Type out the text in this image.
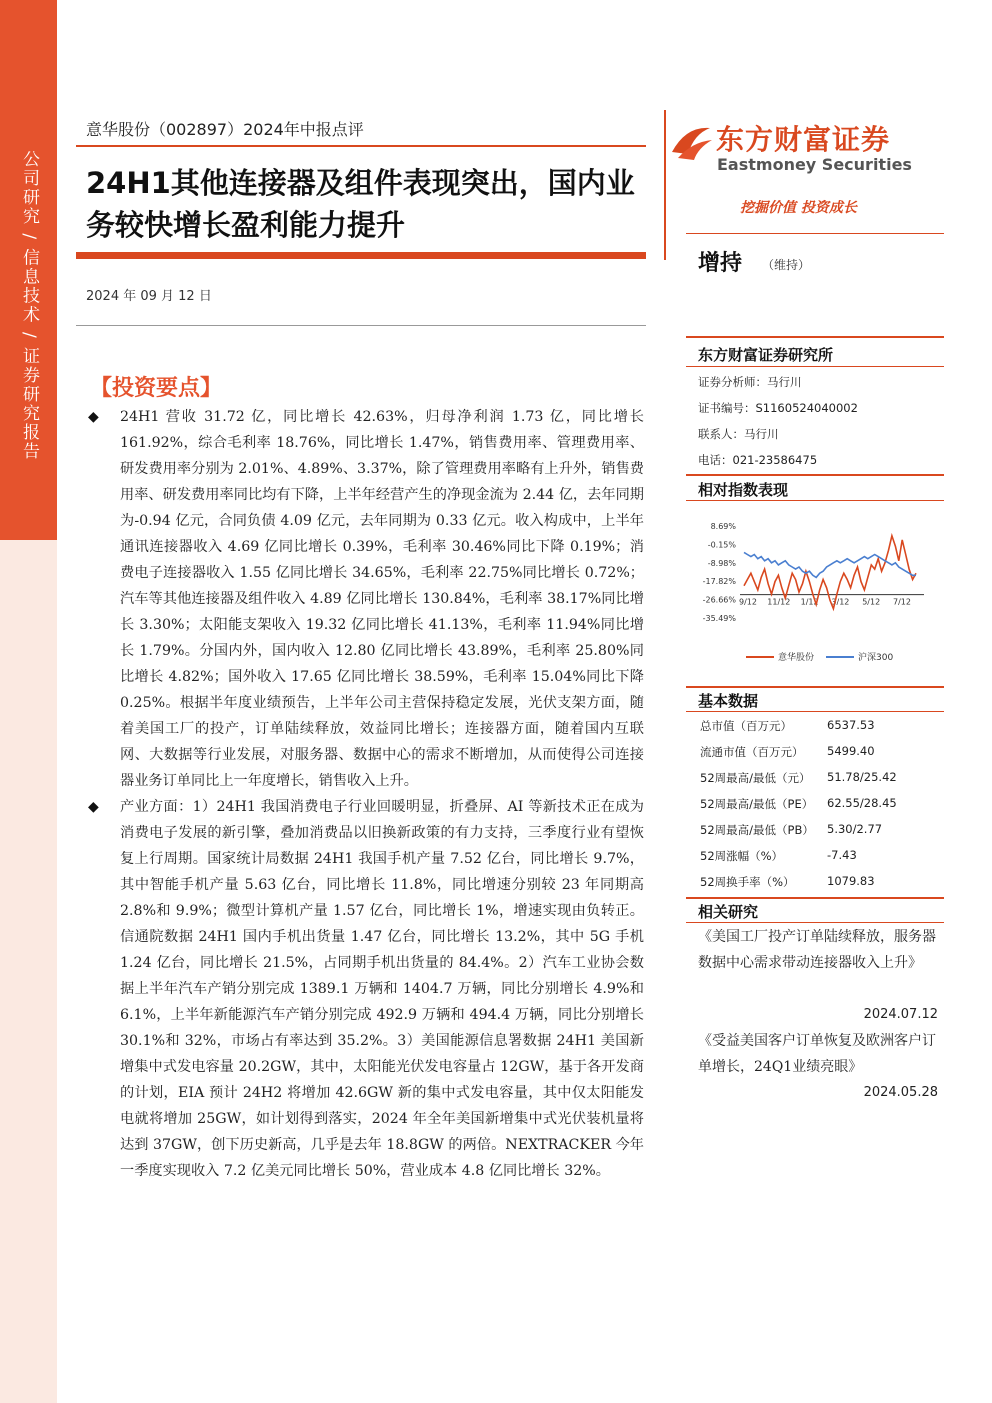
公司研究 / 信息技术 / 证券研究报告
意华股份（002897）2024年中报点评
24H1其他连接器及组件表现突出，国内业务较快增长盈利能力提升
2024 年 09 月 12 日
【投资要点】
◆ 24H1 营收 31.72 亿，同比增长 42.63%，归母净利润 1.73 亿，同比增长 161.92%，综合毛利率 18.76%，同比增长 1.47%，销售费用率、管理费用率、研发费用率分别为 2.01%、4.89%、3.37%，除了管理费用率略有上升外，销售费用率、研发费用率同比均有下降，上半年经营产生的净现金流为 2.44 亿，去年同期为-0.94 亿元，合同负债 4.09 亿元，去年同期为 0.33 亿元。收入构成中，上半年通讯连接器收入 4.69 亿同比增长 0.39%，毛利率 30.46%同比下降 0.19%；消费电子连接器收入 1.55 亿同比增长 34.65%，毛利率 22.75%同比增长 0.72%；汽车等其他连接器及组件收入 4.89 亿同比增长 130.84%，毛利率 38.17%同比增长 3.30%；太阳能支架收入 19.32 亿同比增长 41.13%，毛利率 11.94%同比增长 1.79%。分国内外，国内收入 12.80 亿同比增长 43.89%，毛利率 25.80%同比增长 4.82%；国外收入 17.65 亿同比增长 38.59%，毛利率 15.04%同比下降 0.25%。根据半年度业绩预告，上半年公司主营保持稳定发展，光伏支架方面，随着美国工厂的投产，订单陆续释放，效益同比增长；连接器方面，随着国内互联网、大数据等行业发展，对服务器、数据中心的需求不断增加，从而使得公司连接器业务订单同比上一年度增长，销售收入上升。
◆ 产业方面：1）24H1 我国消费电子行业回暖明显，折叠屏、AI 等新技术正在成为消费电子发展的新引擎，叠加消费品以旧换新政策的有力支持，三季度行业有望恢复上行周期。国家统计局数据 24H1 我国手机产量 7.52 亿台，同比增长 9.7%，其中智能手机产量 5.63 亿台，同比增长 11.8%，同比增速分别较 23 年同期高 2.8%和 9.9%；微型计算机产量 1.57 亿台，同比增长 1%，增速实现由负转正。信通院数据 24H1 国内手机出货量 1.47 亿台，同比增长 13.2%，其中 5G 手机 1.24 亿台，同比增长 21.5%，占同期手机出货量的 84.4%。2）汽车工业协会数据上半年汽车产销分别完成 1389.1 万辆和 1404.7 万辆，同比分别增长 4.9%和 6.1%，上半年新能源汽车产销分别完成 492.9 万辆和 494.4 万辆，同比分别增长 30.1%和 32%，市场占有率达到 35.2%。3）美国能源信息署数据 24H1 美国新增集中式发电容量 20.2GW，其中，太阳能光伏发电容量占 12GW，基于各开发商的计划，EIA 预计 24H2 将增加 42.6GW 新的集中式发电容量，其中仅太阳能发电就将增加 25GW，如计划得到落实，2024 年全年美国新增集中式光伏装机量将达到 37GW，创下历史新高，几乎是去年 18.8GW 的两倍。NEXTRACKER 今年一季度实现收入 7.2 亿美元同比增长 50%，营业成本 4.8 亿同比增长 32%。
东方财富证券
Eastmoney Securities
挖掘价值 投资成长
增持 （维持）
东方财富证券研究所
证券分析师：马行川
证书编号：S1160524040002
联系人：马行川
电话：021-23586475
相对指数表现
8.69%
-0.15%
-8.98%
-17.82%
-26.66%
-35.49%
9/12 11/12 1/12 3/12 5/12 7/12
意华股份	沪深300
基本数据
总市值（百万元）	6537.53
流通市值（百万元） 5499.40
52周最高/最低（元） 51.78/25.42
52周最高/最低（PE） 62.55/28.45
52周最高/最低（PB） 5.30/2.77
52周涨幅（%）	-7.43
52周换手率（%）	1079.83
相关研究
《美国工厂投产订单陆续释放，服务器数据中心需求带动连接器收入上升》
2024.07.12
《受益美国客户订单恢复及欧洲客户订单增长，24Q1业绩亮眼》
2024.05.28
